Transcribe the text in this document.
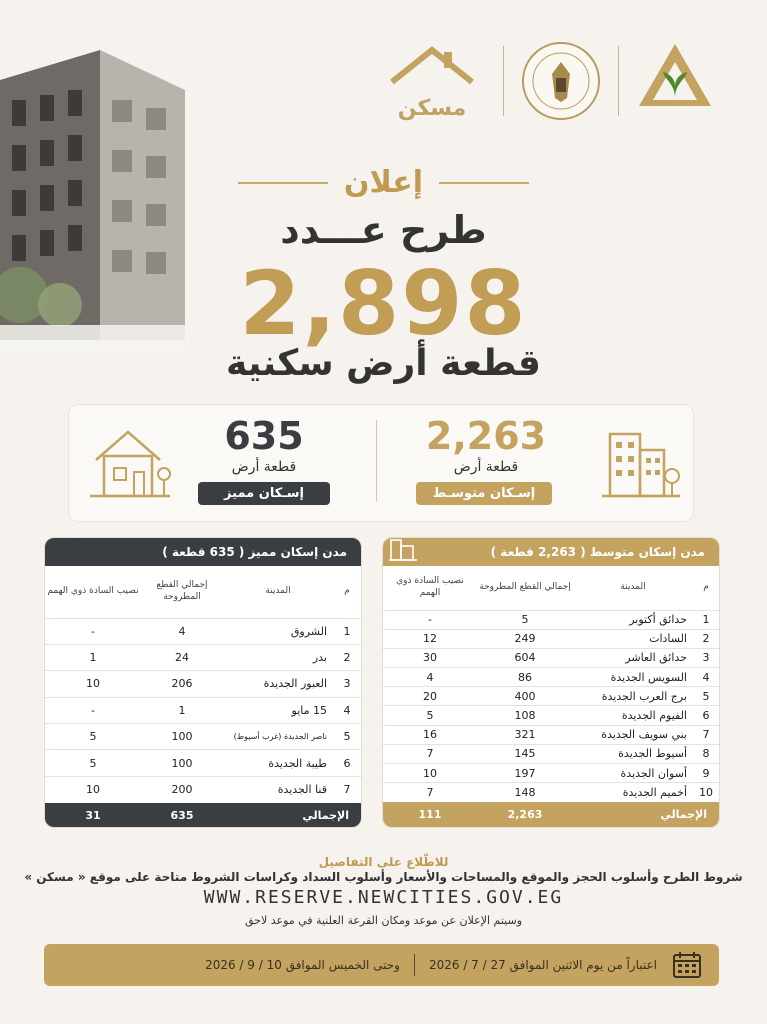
مسكن
إعلان
طرح عـــدد
2,898
قطعة أرض سكنية
2,263
قطعة أرض
إسـكان متوسـط
635
قطعة أرض
إسـكان مميز
مدن إسكان متوسط ( 2,263 قطعة )
م	المدينة	إجمالي القطع المطروحة	نصيب السادة ذوي الهمم
1	حدائق أكتوبر	5	-
2	السادات	249	12
3	حدائق العاشر	604	30
4	السويس الجديدة	86	4
5	برج العرب الجديدة	400	20
6	الفيوم الجديدة	108	5
7	بني سويف الجديدة	321	16
8	أسيوط الجديدة	145	7
9	أسوان الجديدة	197	10
10	أخميم الجديدة	148	7
الإجمالي		2,263	111
مدن إسكان مميز ( 635 قطعة )
م	المدينة	إجمالي القطع المطروحة	نصيب السادة ذوي الهمم
1	الشروق	4	-
2	بدر	24	1
3	العبور الجديدة	206	10
4	15 مايو	1	-
5	ناصر الجديدة (غرب أسيوط)	100	5
6	طيبة الجديدة	100	5
7	قنا الجديدة	200	10
الإجمالي		635	31
للاطّلاع على التفاصيل
شروط الطرح وأسلوب الحجز والموقع والمساحات والأسعار وأسلوب السداد وكراسات الشروط متاحة على موقع « مسكن »
WWW.RESERVE.NEWCITIES.GOV.EG
وسيتم الإعلان عن موعد ومكان القرعة العلنية في موعد لاحق
اعتباراً من يوم الاثنين الموافق 27 / 7 / 2026
وحتى الخميس الموافق 10 / 9 / 2026
